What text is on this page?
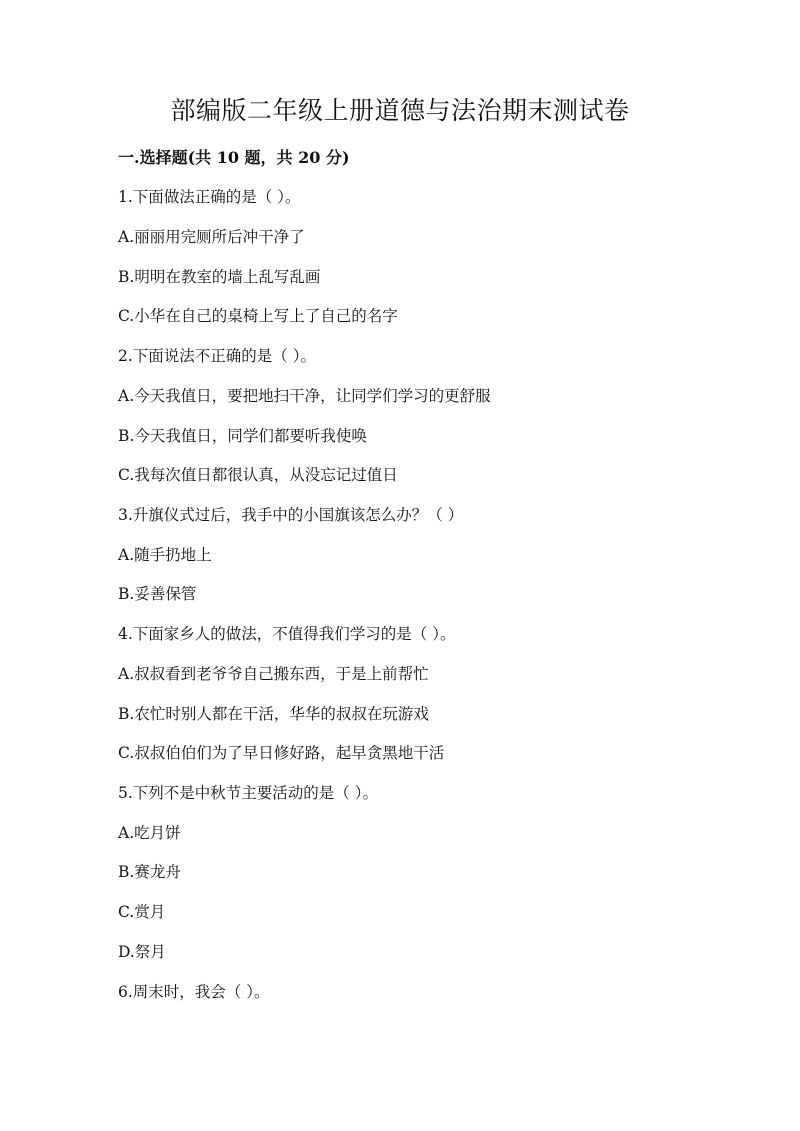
部编版二年级上册道德与法治期末测试卷
一.选择题(共 10 题，共 20 分)
1.下面做法正确的是（ ）。
A.丽丽用完厕所后冲干净了
B.明明在教室的墙上乱写乱画
C.小华在自己的桌椅上写上了自己的名字
2.下面说法不正确的是（ ）。
A.今天我值日，要把地扫干净，让同学们学习的更舒服
B.今天我值日，同学们都要听我使唤
C.我每次值日都很认真，从没忘记过值日
3.升旗仪式过后，我手中的小国旗该怎么办？（ ）
A.随手扔地上
B.妥善保管
4.下面家乡人的做法，不值得我们学习的是（ ）。
A.叔叔看到老爷爷自己搬东西，于是上前帮忙
B.农忙时别人都在干活，华华的叔叔在玩游戏
C.叔叔伯伯们为了早日修好路，起早贪黑地干活
5.下列不是中秋节主要活动的是（ ）。
A.吃月饼
B.赛龙舟
C.赏月
D.祭月
6.周末时，我会（ ）。
